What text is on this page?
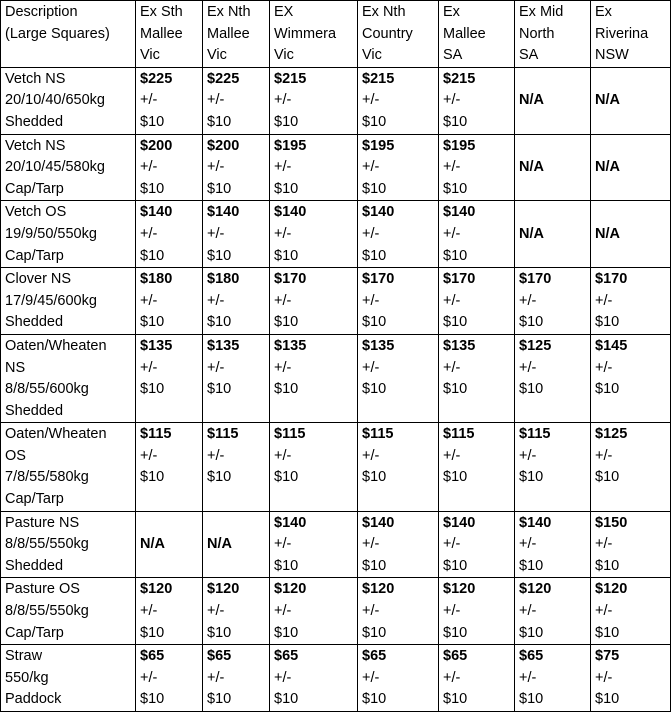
Description
(Large Squares)	Ex Sth
Mallee
Vic	Ex Nth
Mallee
Vic	EX
Wimmera
Vic	Ex Nth
Country
Vic	Ex
Mallee
SA	Ex Mid
North
SA	Ex
Riverina
NSW

Vetch NS
20/10/40/650kg
Shedded	$225
+/-
$10	$225
+/-
$10	$215
+/-
$10	$215
+/-
$10	$215
+/-
$10	N/A	N/A

Vetch NS
20/10/45/580kg
Cap/Tarp	$200
+/-
$10	$200
+/-
$10	$195
+/-
$10	$195
+/-
$10	$195
+/-
$10	N/A	N/A

Vetch OS
19/9/50/550kg
Cap/Tarp	$140
+/-
$10	$140
+/-
$10	$140
+/-
$10	$140
+/-
$10	$140
+/-
$10	N/A	N/A

Clover NS
17/9/45/600kg
Shedded	$180
+/-
$10	$180
+/-
$10	$170
+/-
$10	$170
+/-
$10	$170
+/-
$10	$170
+/-
$10	$170
+/-
$10

Oaten/Wheaten
NS
8/8/55/600kg
Shedded	$135
+/-
$10	$135
+/-
$10	$135
+/-
$10	$135
+/-
$10	$135
+/-
$10	$125
+/-
$10	$145
+/-
$10

Oaten/Wheaten
OS
7/8/55/580kg
Cap/Tarp	$115
+/-
$10	$115
+/-
$10	$115
+/-
$10	$115
+/-
$10	$115
+/-
$10	$115
+/-
$10	$125
+/-
$10

Pasture NS
8/8/55/550kg
Shedded	N/A	N/A	$140
+/-
$10	$140
+/-
$10	$140
+/-
$10	$140
+/-
$10	$150
+/-
$10

Pasture OS
8/8/55/550kg
Cap/Tarp	$120
+/-
$10	$120
+/-
$10	$120
+/-
$10	$120
+/-
$10	$120
+/-
$10	$120
+/-
$10	$120
+/-
$10

Straw
550/kg
Paddock	$65
+/-
$10	$65
+/-
$10	$65
+/-
$10	$65
+/-
$10	$65
+/-
$10	$65
+/-
$10	$75
+/-
$10
